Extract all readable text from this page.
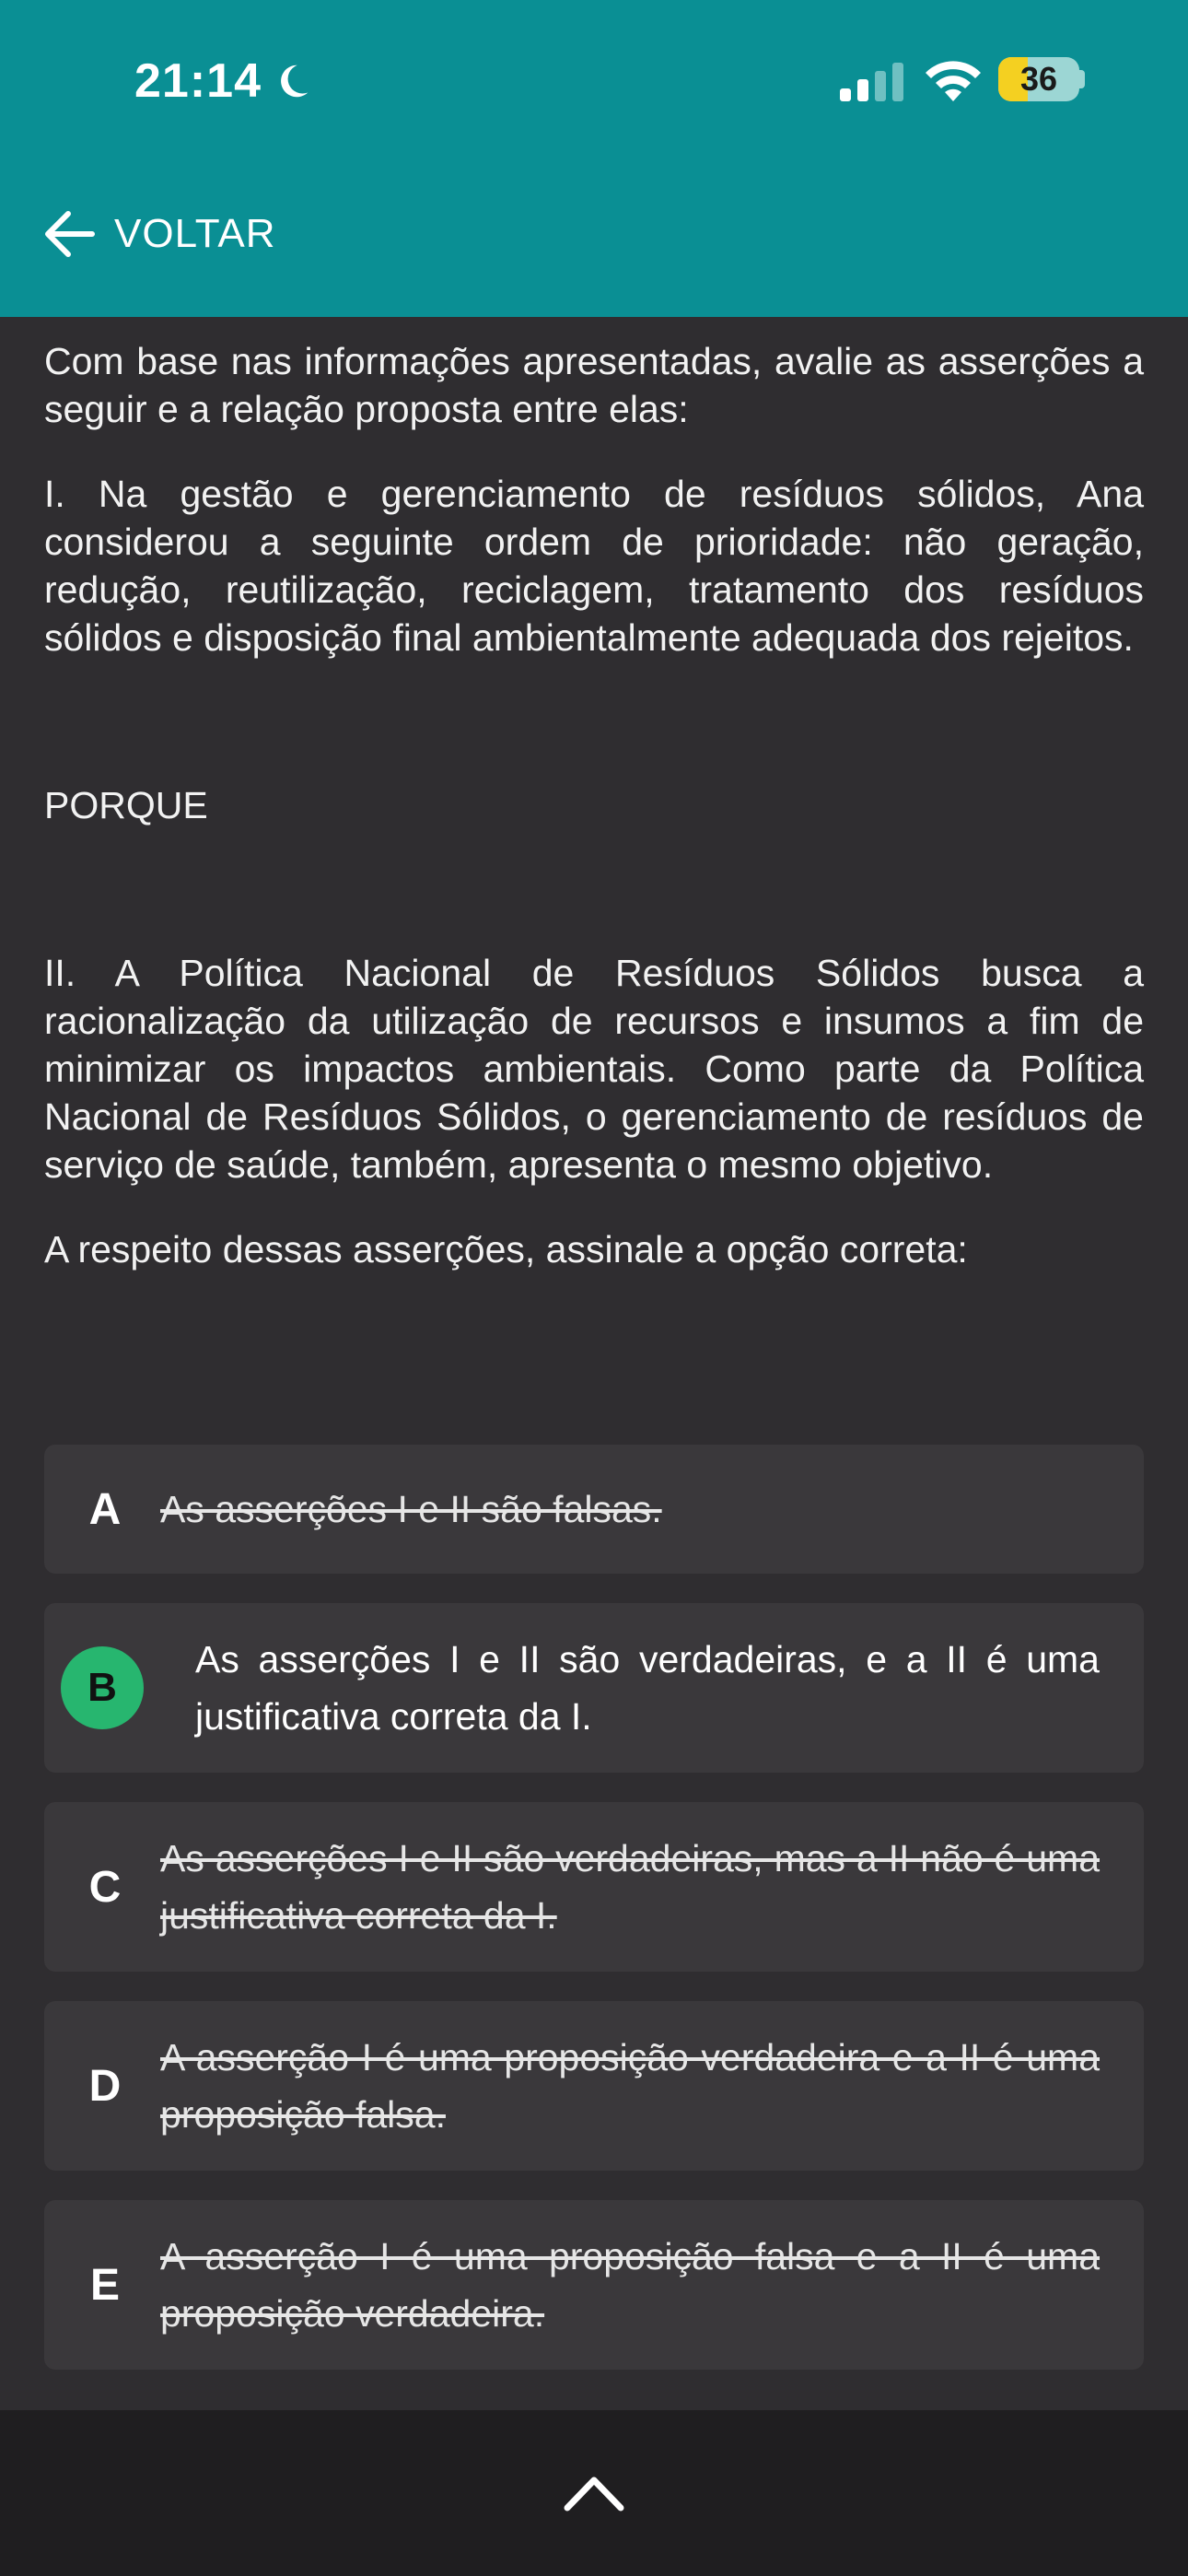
21:14	36
VOLTAR

Com base nas informações apresentadas, avalie as asserções a seguir e a relação proposta entre elas:

I. Na gestão e gerenciamento de resíduos sólidos, Ana considerou a seguinte ordem de prioridade: não geração, redução, reutilização, reciclagem, tratamento dos resíduos sólidos e disposição final ambientalmente adequada dos rejeitos.

PORQUE

II. A Política Nacional de Resíduos Sólidos busca a racionalização da utilização de recursos e insumos a fim de minimizar os impactos ambientais. Como parte da Política Nacional de Resíduos Sólidos, o gerenciamento de resíduos de serviço de saúde, também, apresenta o mesmo objetivo.

A respeito dessas asserções, assinale a opção correta:

A	As asserções I e II são falsas.
B
As asserções I e II são verdadeiras, e a II é uma justificativa correta da I.
C
As asserções I e II são verdadeiras, mas a II não é uma justificativa correta da I.
D
A asserção I é uma proposição verdadeira e a II é uma proposição falsa.
E
A asserção I é uma proposição falsa e a II é uma proposição verdadeira.
